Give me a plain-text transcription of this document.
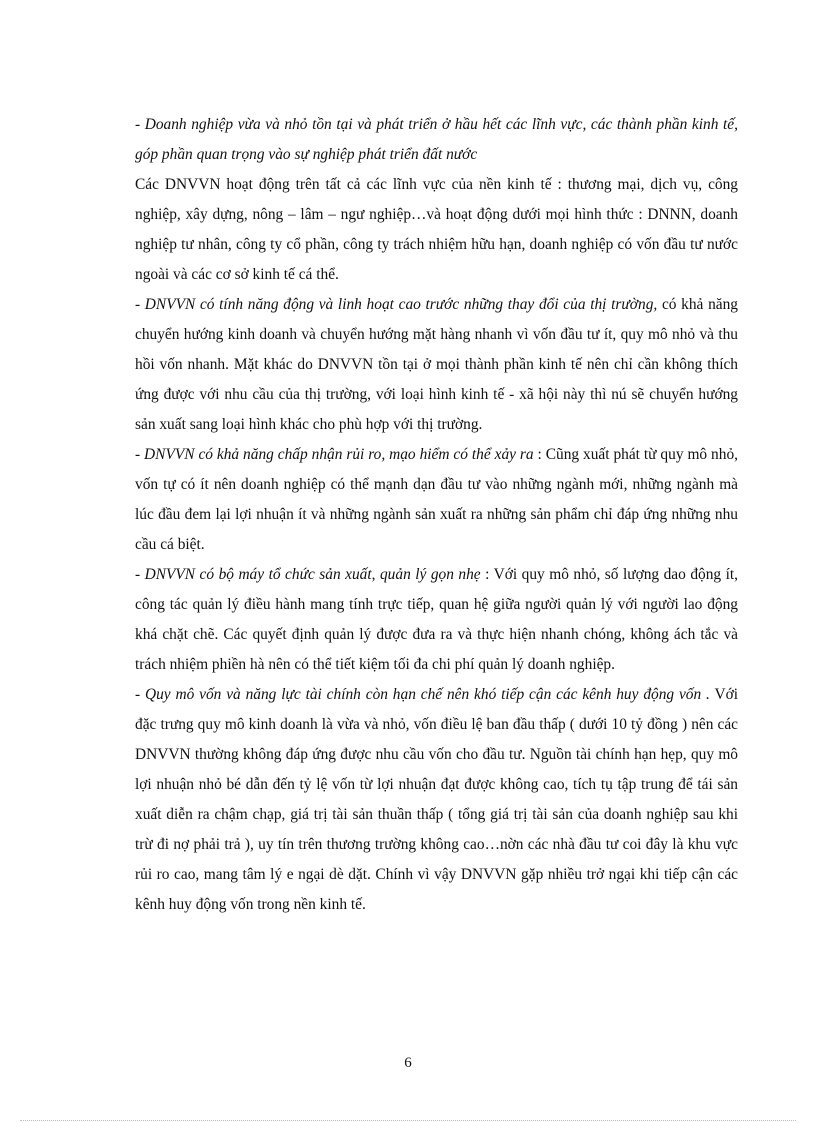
- Doanh nghiệp vừa và nhỏ tồn tại và phát triển ở hầu hết các lĩnh vực, các thành phần kinh tế, góp phần quan trọng vào sự nghiệp phát triển đất nước

Các DNVVN hoạt động trên tất cả các lĩnh vực của nền kinh tế : thương mại, dịch vụ, công nghiệp, xây dựng, nông – lâm – ngư nghiệp…và hoạt động dưới mọi hình thức : DNNN, doanh nghiệp tư nhân, công ty cổ phần, công ty trách nhiệm hữu hạn, doanh nghiệp có vốn đầu tư nước ngoài và các cơ sở kinh tế cá thể.

- DNVVN có tính năng động và linh hoạt cao trước những thay đổi của thị trường, có khả năng chuyển hướng kinh doanh và chuyển hướng mặt hàng nhanh vì vốn đầu tư ít, quy mô nhỏ và thu hồi vốn nhanh. Mặt khác do DNVVN tồn tại ở mọi thành phần kinh tế nên chỉ cần không thích ứng được với nhu cầu của thị trường, với loại hình kinh tế - xã hội này thì nú sẽ chuyển hướng sản xuất sang loại hình khác cho phù hợp với thị trường.

- DNVVN có khả năng chấp nhận rủi ro, mạo hiểm có thể xảy ra : Cũng xuất phát từ quy mô nhỏ, vốn tự có ít nên doanh nghiệp có thể mạnh dạn đầu tư vào những ngành mới, những ngành mà lúc đầu đem lại lợi nhuận ít và những ngành sản xuất ra những sản phẩm chỉ đáp ứng những nhu cầu cá biệt.

- DNVVN có bộ máy tổ chức sản xuất, quản lý gọn nhẹ : Với quy mô nhỏ, số lượng dao động ít, công tác quản lý điều hành mang tính trực tiếp, quan hệ giữa người quản lý với người lao động khá chặt chẽ. Các quyết định quản lý được đưa ra và thực hiện nhanh chóng, không ách tắc và trách nhiệm phiền hà nên có thể tiết kiệm tối đa chi phí quản lý doanh nghiệp.

- Quy mô vốn và năng lực tài chính còn hạn chế nên khó tiếp cận các kênh huy động vốn . Với đặc trưng quy mô kinh doanh là vừa và nhỏ, vốn điều lệ ban đầu thấp ( dưới 10 tỷ đồng ) nên các DNVVN thường không đáp ứng được nhu cầu vốn cho đầu tư. Nguồn tài chính hạn hẹp, quy mô lợi nhuận nhỏ bé dẫn đến tỷ lệ vốn từ lợi nhuận đạt được không cao, tích tụ tập trung để tái sản xuất diễn ra chậm chạp, giá trị tài sản thuần thấp ( tổng giá trị tài sản của doanh nghiệp sau khi trừ đi nợ phải trả ), uy tín trên thương trường không cao…nờn các nhà đầu tư coi đây là khu vực rủi ro cao, mang tâm lý e ngại dè dặt. Chính vì vậy DNVVN gặp nhiều trở ngại khi tiếp cận các kênh huy động vốn trong nền kinh tế.

6
